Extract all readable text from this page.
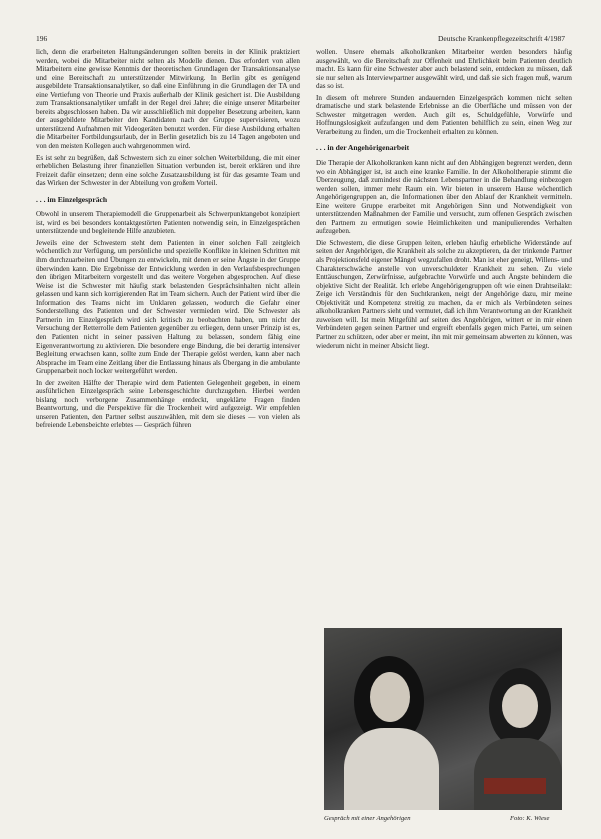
196	Deutsche Krankenpflegezeitschrift 4/1987

lich, denn die erarbeiteten Haltungsänderungen sollten bereits in der Klinik praktiziert werden, wobei die Mitarbeiter nicht selten als Modelle dienen. Das erfordert von allen Mitarbeitern eine gewisse Kenntnis der theoretischen Grundlagen der Transaktionsanalyse und eine Bereitschaft zu unterstützender Mitwirkung. In Berlin gibt es genügend ausgebildete Transaktionsanalytiker, so daß eine Einführung in die Grundlagen der TA und eine Vertiefung von Theorie und Praxis außerhalb der Klinik gesichert ist. Die Ausbildung zum Transaktionsanalytiker umfaßt in der Regel drei Jahre; die einige unserer Mitarbeiter bereits abgeschlossen haben. Da wir ausschließlich mit doppelter Besetzung arbeiten, kann der ausgebildete Mitarbeiter den Kandidaten nach der Gruppe supervisieren, wozu unterstützend Aufnahmen mit Videogeräten benutzt werden. Für diese Ausbildung erhalten die Mitarbeiter Fortbildungsurlaub, der in Berlin gesetzlich bis zu 14 Tagen angeboten und von den meisten Kollegen auch wahrgenommen wird.

Es ist sehr zu begrüßen, daß Schwestern sich zu einer solchen Weiterbildung, die mit einer erheblichen Belastung ihrer finanziellen Situation verbunden ist, bereit erklären und ihre Freizeit dafür einsetzen; denn eine solche Zusatzausbildung ist für das gesamte Team und das Wirken der Schwester in der Abteilung von großem Vorteil.

. . . im Einzelgespräch

Obwohl in unserem Therapiemodell die Gruppenarbeit als Schwerpunktangebot konzipiert ist, wird es bei besonders kontaktgestörten Patienten notwendig sein, in Einzelgesprächen unterstützende und begleitende Hilfe anzubieten.

Jeweils eine der Schwestern steht dem Patienten in einer solchen Fall zeitgleich wöchentlich zur Verfügung, um persönliche und spezielle Konflikte in kleinen Schritten mit ihm durchzuarbeiten und Übungen zu entwickeln, mit denen er seine Ängste in der Gruppe überwinden kann. Die Ergebnisse der Entwicklung werden in den Verlaufsbesprechungen den übrigen Mitarbeitern vorgestellt und das weitere Vorgehen abgesprochen. Auf diese Weise ist die Schwester mit häufig stark belastenden Gesprächsinhalten nicht allein gelassen und kann sich korrigierenden Rat im Team sichern. Auch der Patient wird über die Information des Teams nicht im Unklaren gelassen, wodurch die Gefahr einer Sonderstellung des Patienten und der Schwester vermieden wird. Die Schwester als Partnerin im Einzelgespräch wird sich kritisch zu beobachten haben, um nicht der Versuchung der Retterrolle dem Patienten gegenüber zu erliegen, denn unser Prinzip ist es, den Patienten nicht in seiner passiven Haltung zu belassen, sondern fähig eine Eigenverantwortung zu aktivieren. Die besondere enge Bindung, die bei derartig intensiver Begleitung erwachsen kann, sollte zum Ende der Therapie gelöst werden, kann aber nach Absprache im Team eine Zeitlang über die Entlassung hinaus als Übergang in die ambulante Gruppenarbeit noch locker weitergeführt werden.

In der zweiten Hälfte der Therapie wird dem Patienten Gelegenheit gegeben, in einem ausführlichen Einzelgespräch seine Lebensgeschichte durchzugehen. Hierbei werden bislang noch verborgene Zusammenhänge entdeckt, ungeklärte Fragen finden Beantwortung, und die Perspektive für die Trockenheit wird aufgezeigt. Wir empfehlen unseren Patienten, den Partner selbst auszuwählen, mit dem sie dieses — von vielen als befreiende Lebensbeichte erlebtes — Gespräch führen

wollen. Unsere ehemals alkoholkranken Mitarbeiter werden besonders häufig ausgewählt, wo die Bereitschaft zur Offenheit und Ehrlichkeit beim Patienten deutlich macht. Es kann für eine Schwester aber auch belastend sein, entdecken zu müssen, daß sie nur selten als Interviewpartner ausgewählt wird, und daß sie sich fragen muß, warum das so ist.

In diesem oft mehrere Stunden andauernden Einzelgespräch kommen nicht selten dramatische und stark belastende Erlebnisse an die Oberfläche und müssen von der Schwester mitgetragen werden. Auch gilt es, Schuldgefühle, Vorwürfe und Hoffnungslosigkeit aufzufangen und dem Patienten behilflich zu sein, einen Weg zur Verarbeitung zu finden, um die Trockenheit erhalten zu können.

. . . in der Angehörigenarbeit

Die Therapie der Alkoholkranken kann nicht auf den Abhängigen begrenzt werden, denn wo ein Abhängiger ist, ist auch eine kranke Familie. In der Alkoholtherapie stimmt die Überzeugung, daß zumindest die nächsten Lebenspartner in die Behandlung einbezogen werden sollen, immer mehr Raum ein. Wir bieten in unserem Hause wöchentlich Angehörigengruppen an, die Informationen über den Ablauf der Krankheit vermitteln. Eine weitere Gruppe erarbeitet mit Angehörigen Sinn und Notwendigkeit von unterstützenden Maßnahmen der Familie und versucht, zum offenen Gespräch zwischen den Partnern zu ermutigen sowie Heimlichkeiten und manipulierendes Verhalten aufzugeben.

Die Schwestern, die diese Gruppen leiten, erleben häufig erhebliche Widerstände auf seiten der Angehörigen, die Krankheit als solche zu akzeptieren, da der trinkende Partner als Projektionsfeld eigener Mängel wegzufallen droht. Man ist eher geneigt, Willens- und Charakterschwäche anstelle von unverschuldeter Krankheit zu sehen. Zu viele Enttäuschungen, Zerwürfnisse, aufgebrachte Vorwürfe und auch Ängste behindern die objektive Sicht der Realität. Ich erlebe Angehörigengruppen oft wie einen Drahtseilakt: Zeige ich Verständnis für den Suchtkranken, neigt der Angehörige dazu, mir meine Objektivität und Kompetenz streitig zu machen, da er mich als Verbündeten seines alkoholkranken Partners sieht und vermutet, daß ich ihm Verantwortung an der Krankheit zuweisen will. Ist mein Mitgefühl auf seiten des Angehörigen, wittert er in mir einen Verbündeten gegen seinen Partner und ergreift ebenfalls gegen mich Partei, um seinen Partner zu schützen, oder aber er meint, ihn mit mir gemeinsam abwerten zu können, was wiederum nicht in meiner Absicht liegt.

Gespräch mit einer Angehörigen	Foto: K. Wiese
